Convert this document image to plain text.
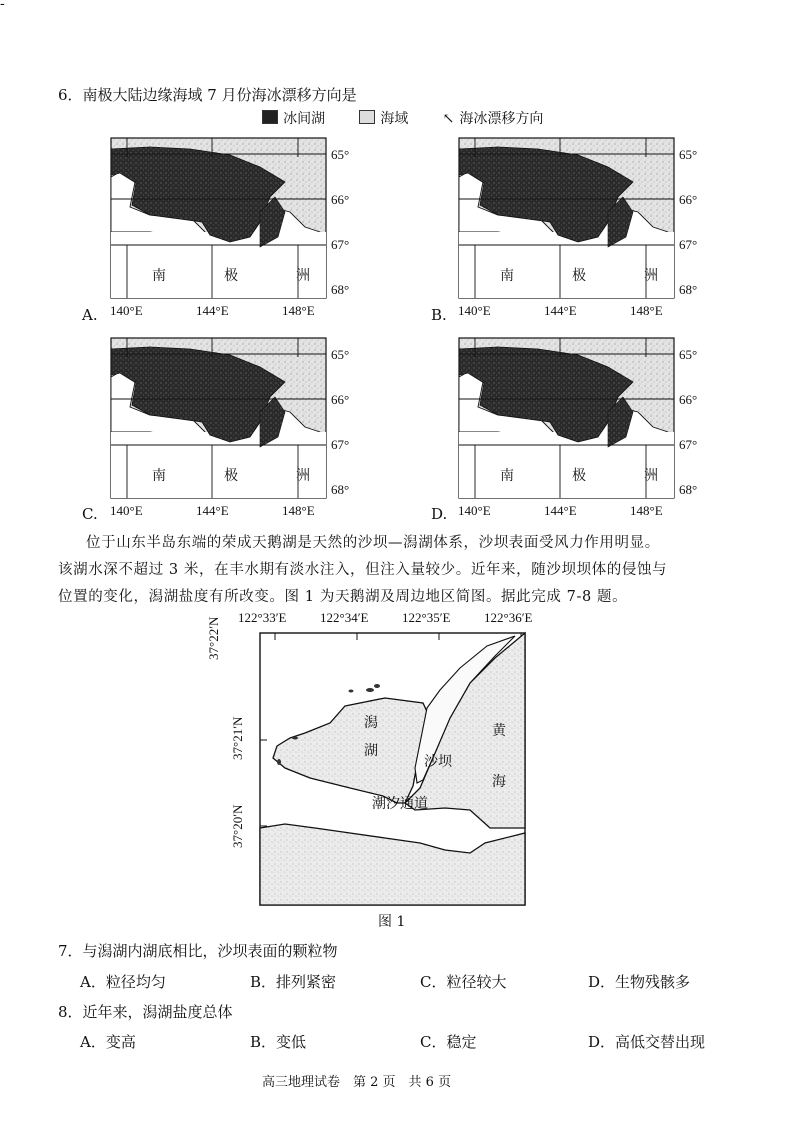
-
6．南极大陆边缘海域 7 月份海冰漂移方向是
冰间湖	海域 ↖ 海冰漂移方向
65°
66°
67°
68°
140°E	144°E	148°E
南	极	洲
A.
65°
66°
67°
68°
140°E	144°E	148°E
南	极	洲
B.
65°
66°
67°
68°
140°E	144°E	148°E
南	极	洲
C.
65°
66°
67°
68°
140°E	144°E	148°E
南	极	洲
D.
位于山东半岛东端的荣成天鹅湖是天然的沙坝—潟湖体系，沙坝表面受风力作用明显。
该湖水深不超过 3 米，在丰水期有淡水注入，但注入量较少。近年来，随沙坝坝体的侵蚀与
位置的变化，潟湖盐度有所改变。图 1 为天鹅湖及周边地区简图。据此完成 7-8 题。
122°33′E	122°34′E	122°35′E	122°36′E
37°22′N
37°21′N
37°20′N
潟
湖
沙坝
黄
海
潮汐通道
图 1
7．与潟湖内湖底相比，沙坝表面的颗粒物
A．粒径均匀	B．排列紧密	C．粒径较大	D．生物残骸多
8．近年来，潟湖盐度总体
A．变高	B．变低	C．稳定	D．高低交替出现
高三地理试卷　第 2 页　共 6 页
